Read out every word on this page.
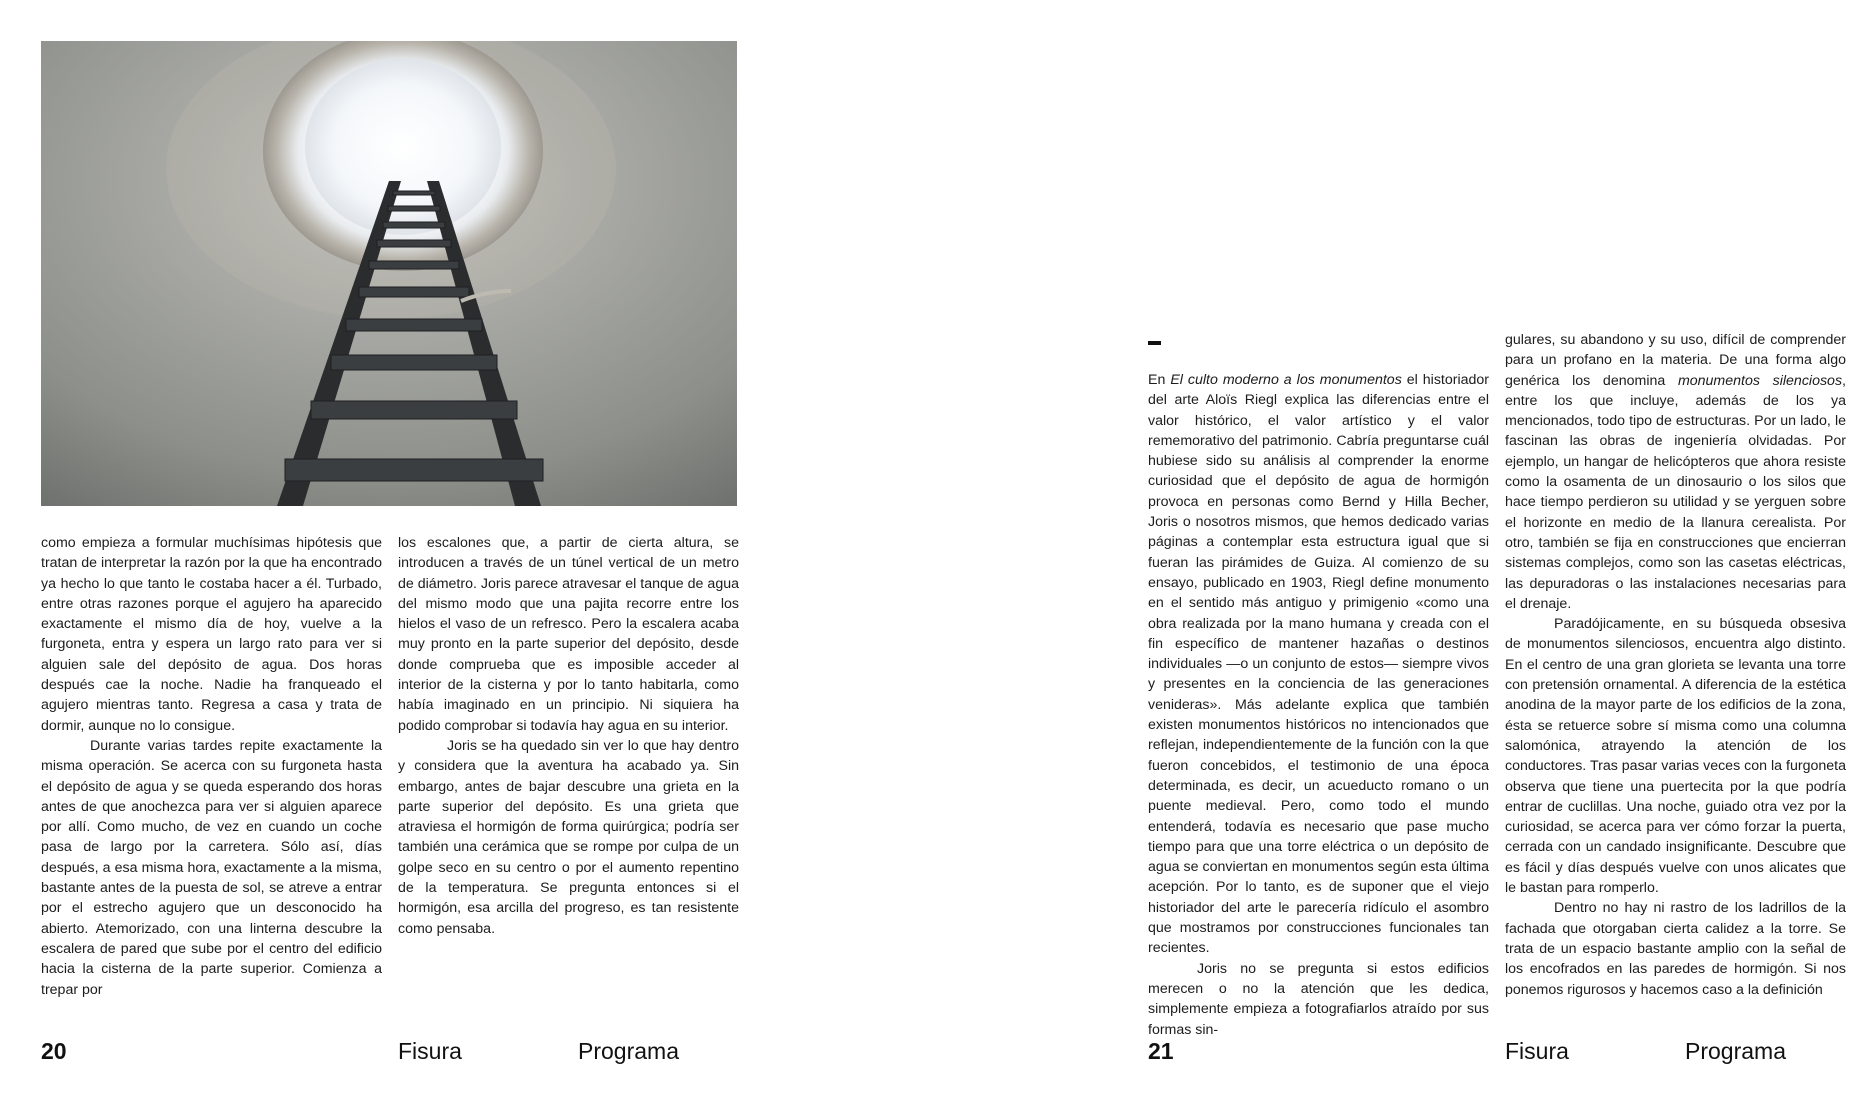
como empieza a formular muchísimas hipótesis que tratan de interpretar la razón por la que ha encontrado ya hecho lo que tanto le costaba hacer a él. Turbado, entre otras razones porque el agujero ha aparecido exactamente el mismo día de hoy, vuelve a la furgoneta, entra y espera un largo rato para ver si alguien sale del depósito de agua. Dos horas después cae la noche. Nadie ha franqueado el agujero mientras tanto. Regresa a casa y trata de dormir, aunque no lo consigue.

Durante varias tardes repite exactamente la misma operación. Se acerca con su furgoneta hasta el depósito de agua y se queda esperando dos horas antes de que anochezca para ver si alguien aparece por allí. Como mucho, de vez en cuando un coche pasa de largo por la carretera. Sólo así, días después, a esa misma hora, exactamente a la misma, bastante antes de la puesta de sol, se atreve a entrar por el estrecho agujero que un desconocido ha abierto. Atemorizado, con una linterna descubre la escalera de pared que sube por el centro del edificio hacia la cisterna de la parte superior. Comienza a trepar por

los escalones que, a partir de cierta altura, se introducen a través de un túnel vertical de un metro de diámetro. Joris parece atravesar el tanque de agua del mismo modo que una pajita recorre entre los hielos el vaso de un refresco. Pero la escalera acaba muy pronto en la parte superior del depósito, desde donde comprueba que es imposible acceder al interior de la cisterna y por lo tanto habitarla, como había imaginado en un principio. Ni siquiera ha podido comprobar si todavía hay agua en su interior.

Joris se ha quedado sin ver lo que hay dentro y considera que la aventura ha acabado ya. Sin embargo, antes de bajar descubre una grieta en la parte superior del depósito. Es una grieta que atraviesa el hormigón de forma quirúrgica; podría ser también una cerámica que se rompe por culpa de un golpe seco en su centro o por el aumento repentino de la temperatura. Se pregunta entonces si el hormigón, esa arcilla del progreso, es tan resistente como pensaba.

20	Fisura	Programa

En El culto moderno a los monumentos el historiador del arte Aloïs Riegl explica las diferencias entre el valor histórico, el valor artístico y el valor rememorativo del patrimonio. Cabría preguntarse cuál hubiese sido su análisis al comprender la enorme curiosidad que el depósito de agua de hormigón provoca en personas como Bernd y Hilla Becher, Joris o nosotros mismos, que hemos dedicado varias páginas a contemplar esta estructura igual que si fueran las pirámides de Guiza. Al comienzo de su ensayo, publicado en 1903, Riegl define monumento en el sentido más antiguo y primigenio «como una obra realizada por la mano humana y creada con el fin específico de mantener hazañas o destinos individuales —o un conjunto de estos— siempre vivos y presentes en la conciencia de las generaciones venideras». Más adelante explica que también existen monumentos históricos no intencionados que reflejan, independientemente de la función con la que fueron concebidos, el testimonio de una época determinada, es decir, un acueducto romano o un puente medieval. Pero, como todo el mundo entenderá, todavía es necesario que pase mucho tiempo para que una torre eléctrica o un depósito de agua se conviertan en monumentos según esta última acepción. Por lo tanto, es de suponer que el viejo historiador del arte le parecería ridículo el asombro que mostramos por construcciones funcionales tan recientes.

Joris no se pregunta si estos edificios merecen o no la atención que les dedica, simplemente empieza a fotografiarlos atraído por sus formas sin-

gulares, su abandono y su uso, difícil de comprender para un profano en la materia. De una forma algo genérica los denomina monumentos silenciosos, entre los que incluye, además de los ya mencionados, todo tipo de estructuras. Por un lado, le fascinan las obras de ingeniería olvidadas. Por ejemplo, un hangar de helicópteros que ahora resiste como la osamenta de un dinosaurio o los silos que hace tiempo perdieron su utilidad y se yerguen sobre el horizonte en medio de la llanura cerealista. Por otro, también se fija en construcciones que encierran sistemas complejos, como son las casetas eléctricas, las depuradoras o las instalaciones necesarias para el drenaje.

Paradójicamente, en su búsqueda obsesiva de monumentos silenciosos, encuentra algo distinto. En el centro de una gran glorieta se levanta una torre con pretensión ornamental. A diferencia de la estética anodina de la mayor parte de los edificios de la zona, ésta se retuerce sobre sí misma como una columna salomónica, atrayendo la atención de los conductores. Tras pasar varias veces con la furgoneta observa que tiene una puertecita por la que podría entrar de cuclillas. Una noche, guiado otra vez por la curiosidad, se acerca para ver cómo forzar la puerta, cerrada con un candado insignificante. Descubre que es fácil y días después vuelve con unos alicates que le bastan para romperlo.

Dentro no hay ni rastro de los ladrillos de la fachada que otorgaban cierta calidez a la torre. Se trata de un espacio bastante amplio con la señal de los encofrados en las paredes de hormigón. Si nos ponemos rigurosos y hacemos caso a la definición

21	Fisura	Programa
